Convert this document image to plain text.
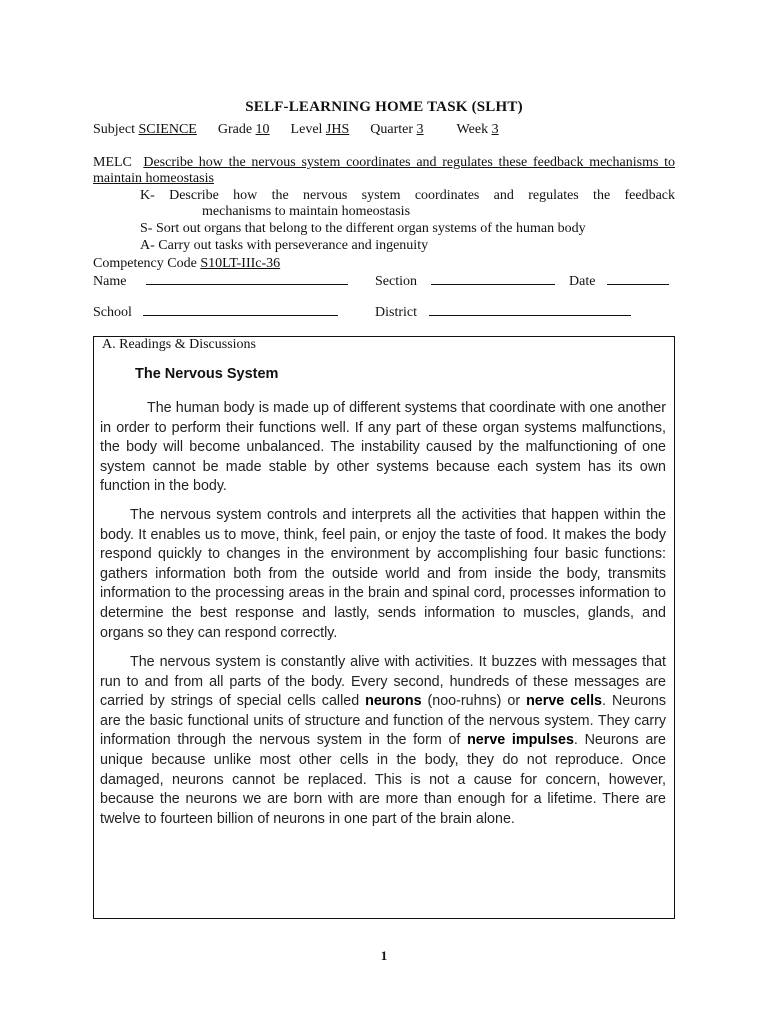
SELF-LEARNING HOME TASK (SLHT)
Subject SCIENCE Grade 10 Level JHS Quarter 3 Week 3
MELC Describe how the nervous system coordinates and regulates these feedback mechanisms to maintain homeostasis
K- Describe how the nervous system coordinates and regulates the feedback
mechanisms to maintain homeostasis
S- Sort out organs that belong to the different organ systems of the human body
A- Carry out tasks with perseverance and ingenuity
Competency Code S10LT-IIIc-36
Name	Section	Date
School	District
A. Readings & Discussions
The Nervous System
The human body is made up of different systems that coordinate with one another in order to perform their functions well. If any part of these organ systems malfunctions, the body will become unbalanced. The instability caused by the malfunctioning of one system cannot be made stable by other systems because each system has its own function in the body.
The nervous system controls and interprets all the activities that happen within the body. It enables us to move, think, feel pain, or enjoy the taste of food. It makes the body respond quickly to changes in the environment by accomplishing four basic functions: gathers information both from the outside world and from inside the body, transmits information to the processing areas in the brain and spinal cord, processes information to determine the best response and lastly, sends information to muscles, glands, and organs so they can respond correctly.
The nervous system is constantly alive with activities. It buzzes with messages that run to and from all parts of the body. Every second, hundreds of these messages are carried by strings of special cells called neurons (noo-ruhns) or nerve cells. Neurons are the basic functional units of structure and function of the nervous system. They carry information through the nervous system in the form of nerve impulses. Neurons are unique because unlike most other cells in the body, they do not reproduce. Once damaged, neurons cannot be replaced. This is not a cause for concern, however, because the neurons we are born with are more than enough for a lifetime. There are twelve to fourteen billion of neurons in one part of the brain alone.
1
